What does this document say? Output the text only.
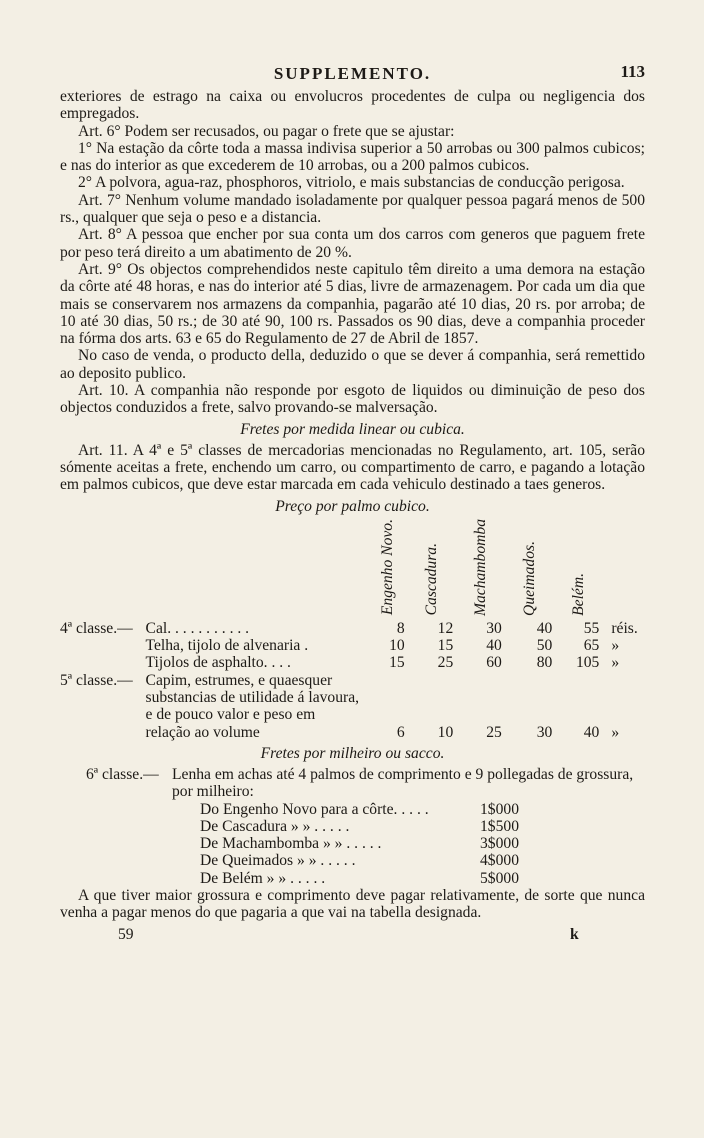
SUPPLEMENTO.	113

exteriores de estrago na caixa ou envolucros procedentes de culpa ou negligencia dos empregados.

Art. 6° Podem ser recusados, ou pagar o frete que se ajustar:

1° Na estação da côrte toda a massa indivisa superior a 50 arrobas ou 300 palmos cubicos; e nas do interior as que excederem de 10 arrobas, ou a 200 palmos cubicos.

2° A polvora, agua-raz, phosphoros, vitriolo, e mais substancias de conducção perigosa.

Art. 7° Nenhum volume mandado isoladamente por qualquer pessoa pagará menos de 500 rs., qualquer que seja o peso e a distancia.

Art. 8° A pessoa que encher por sua conta um dos carros com generos que paguem frete por peso terá direito a um abatimento de 20 %.

Art. 9° Os objectos comprehendidos neste capitulo têm direito a uma demora na estação da côrte até 48 horas, e nas do interior até 5 dias, livre de armazenagem. Por cada um dia que mais se conservarem nos armazens da companhia, pagarão até 10 dias, 20 rs. por arroba; de 10 até 30 dias, 50 rs.; de 30 até 90, 100 rs. Passados os 90 dias, deve a companhia proceder na fórma dos arts. 63 e 65 do Regulamento de 27 de Abril de 1857.

No caso de venda, o producto della, deduzido o que se dever á companhia, será remettido ao deposito publico.

Art. 10. A companhia não responde por esgoto de liquidos ou diminuição de peso dos objectos conduzidos a frete, salvo provando-se malversação.

Fretes por medida linear ou cubica.

Art. 11. A 4ª e 5ª classes de mercadorias mencionadas no Regulamento, art. 105, serão sómente aceitas a frete, enchendo um carro, ou compartimento de carro, e pagando a lotação em palmos cubicos, que deve estar marcada em cada vehiculo destinado a taes generos.

Preço por palmo cubico.
		Engenho Novo.	Cascadura.	Machambomba	Queimados.	Belém.	
4ª classe.—	Cal. . . . . . . . . . .	8	12	30	40	55	réis.
	Telha, tijolo de alvenaria .	10	15	40	50	65	»
	Tijolos de asphalto. . . .	15	25	60	80	105	»
5ª classe.—	Capim, estrumes, e quaesquer substancias de utilidade á lavoura, e de pouco valor e peso em relação ao volume	6	10	25	30	40	»
Fretes por milheiro ou sacco.
6ª classe.—	Lenha em achas até 4 palmos de comprimento e 9 pollegadas de grossura, por milheiro:	
	Do Engenho Novo para a côrte. . . . .	1$000
	De Cascadura » » . . . . .	1$500
	De Machambomba » » . . . . .	3$000
	De Queimados » » . . . . .	4$000
	De Belém » » . . . . .	5$000

A que tiver maior grossura e comprimento deve pagar relativamente, de sorte que nunca venha a pagar menos do que pagaria a que vai na tabella designada.

59	k
